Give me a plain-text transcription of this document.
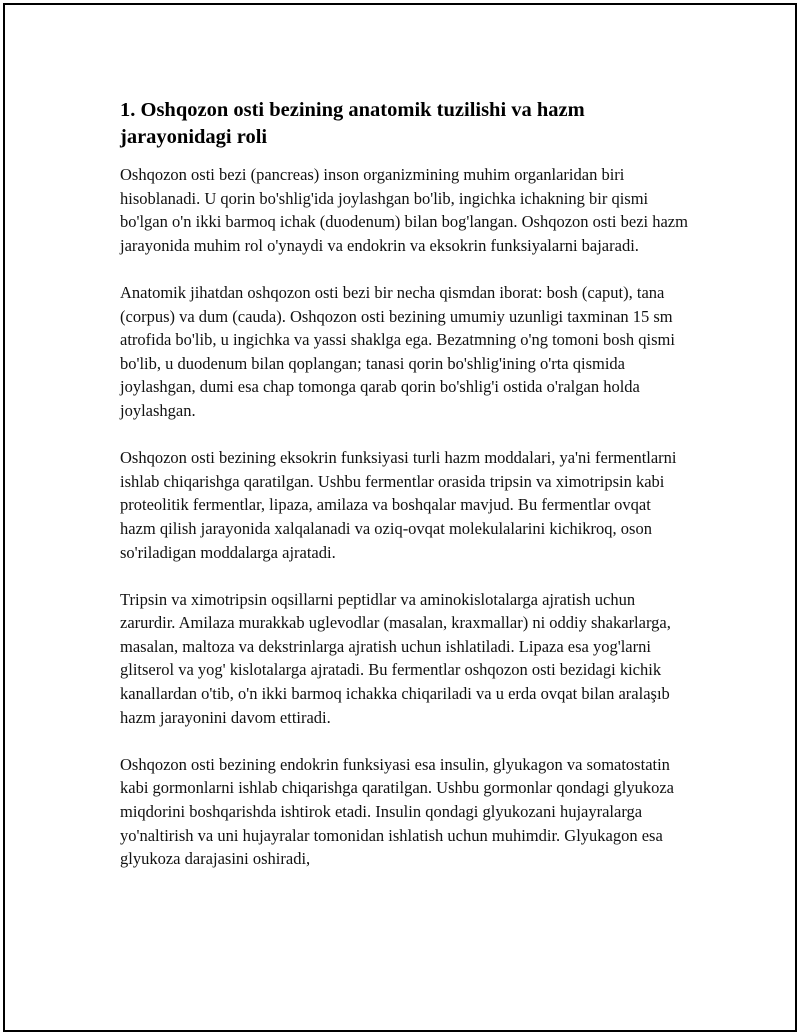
1. Oshqozon osti bezining anatomik tuzilishi va hazm jarayonidagi roli

Oshqozon osti bezi (pancreas) inson organizmining muhim organlaridan biri hisoblanadi. U qorin bo'shlig'ida joylashgan bo'lib, ingichka ichakning bir qismi bo'lgan o'n ikki barmoq ichak (duodenum) bilan bog'langan. Oshqozon osti bezi hazm jarayonida muhim rol o'ynaydi va endokrin va eksokrin funksiyalarni bajaradi.

Anatomik jihatdan oshqozon osti bezi bir necha qismdan iborat: bosh (caput), tana (corpus) va dum (cauda). Oshqozon osti bezining umumiy uzunligi taxminan 15 sm atrofida bo'lib, u ingichka va yassi shaklga ega. Bezatmning o'ng tomoni bosh qismi bo'lib, u duodenum bilan qoplangan; tanasi qorin bo'shlig'ining o'rta qismida joylashgan, dumi esa chap tomonga qarab qorin bo'shlig'i ostida o'ralgan holda joylashgan.

Oshqozon osti bezining eksokrin funksiyasi turli hazm moddalari, ya'ni fermentlarni ishlab chiqarishga qaratilgan. Ushbu fermentlar orasida tripsin va ximotripsin kabi proteolitik fermentlar, lipaza, amilaza va boshqalar mavjud. Bu fermentlar ovqat hazm qilish jarayonida xalqalanadi va oziq-ovqat molekulalarini kichikroq, oson so'riladigan moddalarga ajratadi.

Tripsin va ximotripsin oqsillarni peptidlar va aminokislotalarga ajratish uchun zarurdir. Amilaza murakkab uglevodlar (masalan, kraxmallar) ni oddiy shakarlarga, masalan, maltoza va dekstrinlarga ajratish uchun ishlatiladi. Lipaza esa yog'larni glitserol va yog' kislotalarga ajratadi. Bu fermentlar oshqozon osti bezidagi kichik kanallardan o'tib, o'n ikki barmoq ichakka chiqariladi va u erda ovqat bilan aralaşıb hazm jarayonini davom ettiradi.

Oshqozon osti bezining endokrin funksiyasi esa insulin, glyukagon va somatostatin kabi gormonlarni ishlab chiqarishga qaratilgan. Ushbu gormonlar qondagi glyukoza miqdorini boshqarishda ishtirok etadi. Insulin qondagi glyukozani hujayralarga yo'naltirish va uni hujayralar tomonidan ishlatish uchun muhimdir. Glyukagon esa glyukoza darajasini oshiradi,
